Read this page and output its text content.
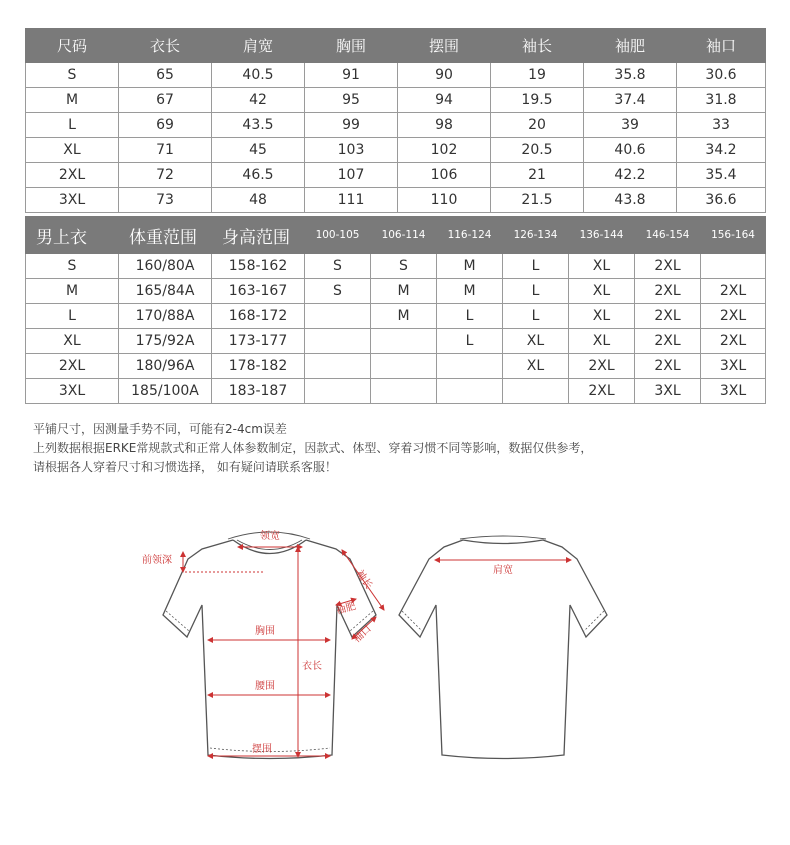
尺码	衣长	肩宽	胸围	摆围	袖长	袖肥	袖口
S	65	40.5	91	90	19	35.8	30.6
M	67	42	95	94	19.5	37.4	31.8
L	69	43.5	99	98	20	39	33
XL	71	45	103	102	20.5	40.6	34.2
2XL	72	46.5	107	106	21	42.2	35.4
3XL	73	48	111	110	21.5	43.8	36.6
男上衣	体重范围	身高范围	100-105	106-114	116-124	126-134	136-144	146-154	156-164
S	160/80A	158-162	S	S	M	L	XL	2XL	
M	165/84A	163-167	S	M	M	L	XL	2XL	2XL
L	170/88A	168-172		M	L	L	XL	2XL	2XL
XL	175/92A	173-177			L	XL	XL	2XL	2XL
2XL	180/96A	178-182				XL	2XL	2XL	3XL
3XL	185/100A	183-187					2XL	3XL	3XL
平铺尺寸，因测量手势不同，可能有2-4cm误差
上列数据根据ERKE常规款式和正常人体参数制定，因款式、体型、穿着习惯不同等影响，数据仅供参考，
请根据各人穿着尺寸和习惯选择， 如有疑问请联系客服！
领宽
前领深
袖长
袖肥
袖口
胸围
衣长
腰围
摆围
肩宽
